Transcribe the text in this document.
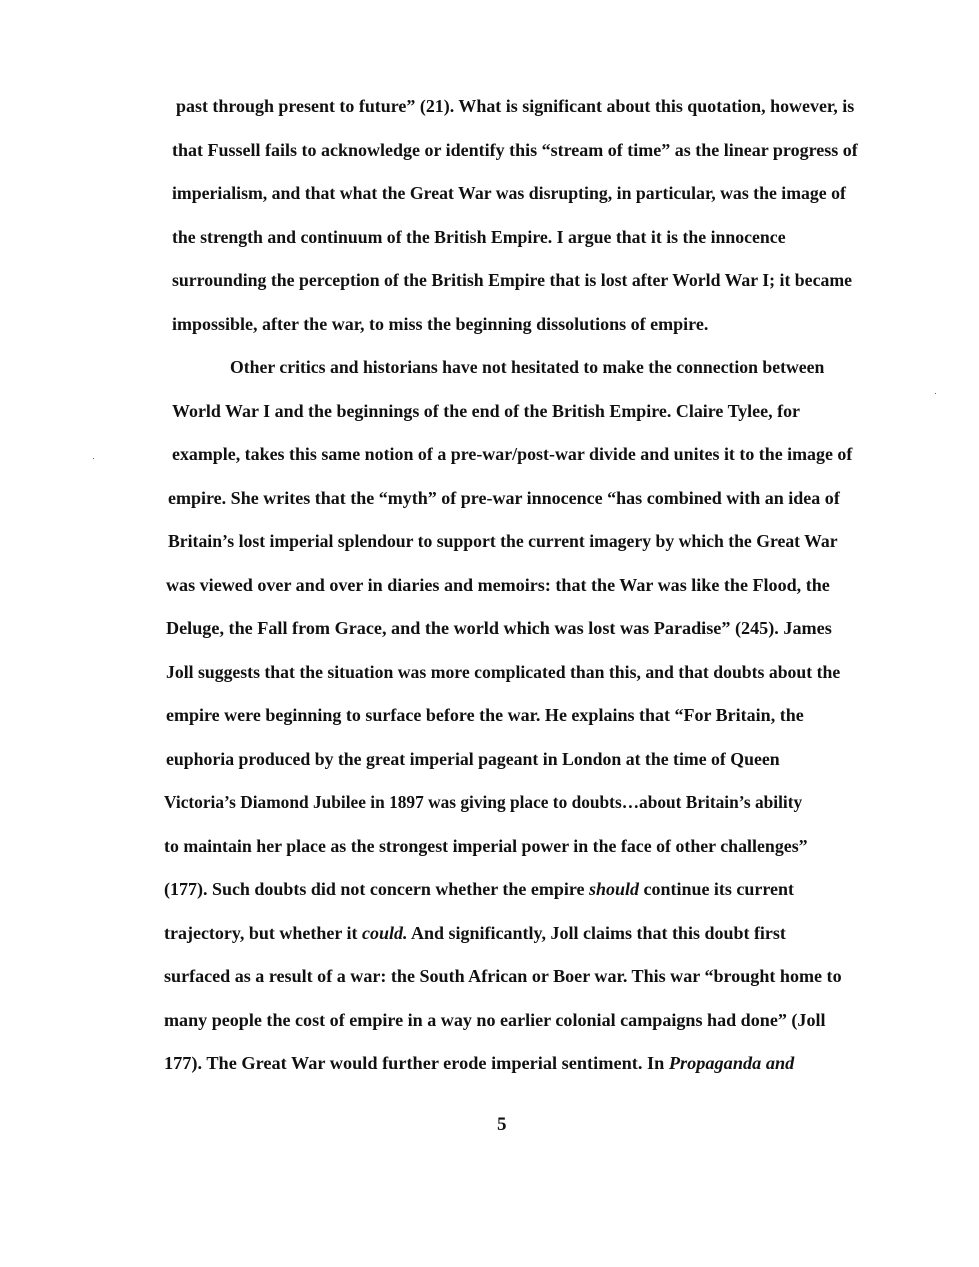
past through present to future” (21). What is significant about this quotation, however, is
that Fussell fails to acknowledge or identify this “stream of time” as the linear progress of
imperialism, and that what the Great War was disrupting, in particular, was the image of
the strength and continuum of the British Empire. I argue that it is the innocence
surrounding the perception of the British Empire that is lost after World War I; it became
impossible, after the war, to miss the beginning dissolutions of empire.
Other critics and historians have not hesitated to make the connection between
World War I and the beginnings of the end of the British Empire. Claire Tylee, for
example, takes this same notion of a pre-war/post-war divide and unites it to the image of
empire. She writes that the “myth” of pre-war innocence “has combined with an idea of
Britain’s lost imperial splendour to support the current imagery by which the Great War
was viewed over and over in diaries and memoirs: that the War was like the Flood, the
Deluge, the Fall from Grace, and the world which was lost was Paradise” (245). James
Joll suggests that the situation was more complicated than this, and that doubts about the
empire were beginning to surface before the war. He explains that “For Britain, the
euphoria produced by the great imperial pageant in London at the time of Queen
Victoria’s Diamond Jubilee in 1897 was giving place to doubts…about Britain’s ability
to maintain her place as the strongest imperial power in the face of other challenges”
(177). Such doubts did not concern whether the empire should continue its current
trajectory, but whether it could. And significantly, Joll claims that this doubt first
surfaced as a result of a war: the South African or Boer war. This war “brought home to
many people the cost of empire in a way no earlier colonial campaigns had done” (Joll
177). The Great War would further erode imperial sentiment. In Propaganda and
5
